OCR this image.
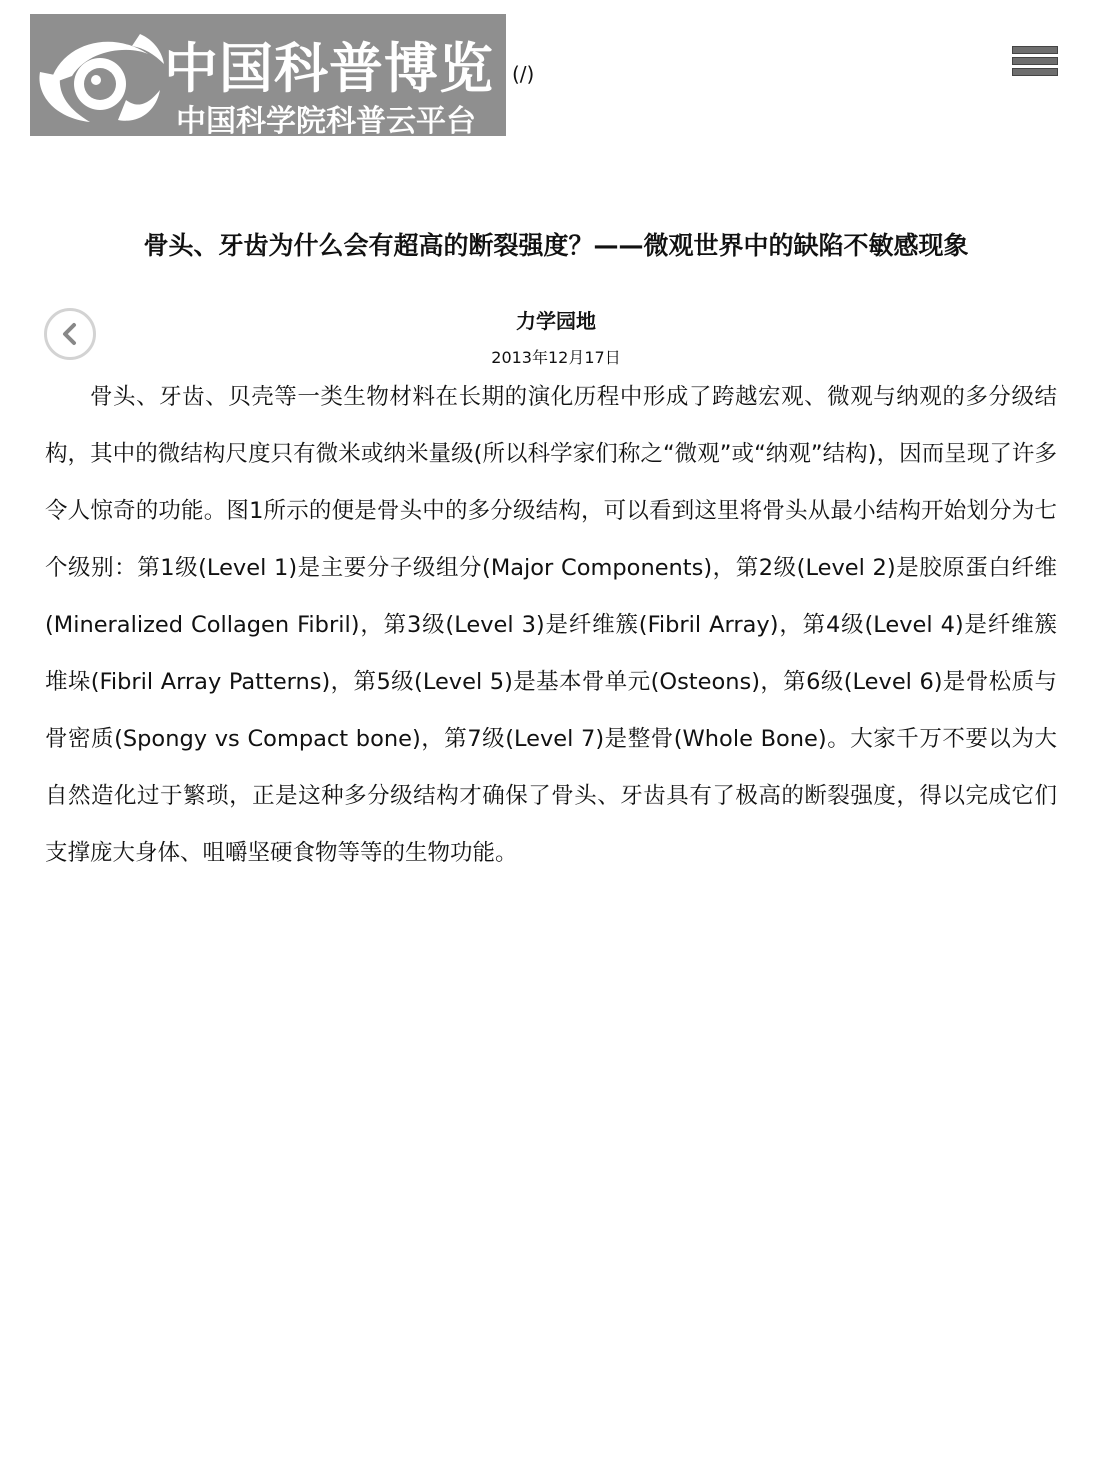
中国科普博览
中国科学院科普云平台
(/)
骨头、牙齿为什么会有超高的断裂强度？——微观世界中的缺陷不敏感现象
力学园地
2013年12月17日

骨头、牙齿、贝壳等一类生物材料在长期的演化历程中形成了跨越宏观、微观与纳观的多分级结构，其中的微结构尺度只有微米或纳米量级(所以科学家们称之“微观”或“纳观”结构)，因而呈现了许多令人惊奇的功能。图1所示的便是骨头中的多分级结构，可以看到这里将骨头从最小结构开始划分为七个级别：第1级(Level 1)是主要分子级组分(Major Components)，第2级(Level 2)是胶原蛋白纤维(Mineralized Collagen Fibril)，第3级(Level 3)是纤维簇(Fibril Array)，第4级(Level 4)是纤维簇堆垛(Fibril Array Patterns)，第5级(Level 5)是基本骨单元(Osteons)，第6级(Level 6)是骨松质与骨密质(Spongy vs Compact bone)，第7级(Level 7)是整骨(Whole Bone)。大家千万不要以为大自然造化过于繁琐，正是这种多分级结构才确保了骨头、牙齿具有了极高的断裂强度，得以完成它们支撑庞大身体、咀嚼坚硬食物等等的生物功能。
